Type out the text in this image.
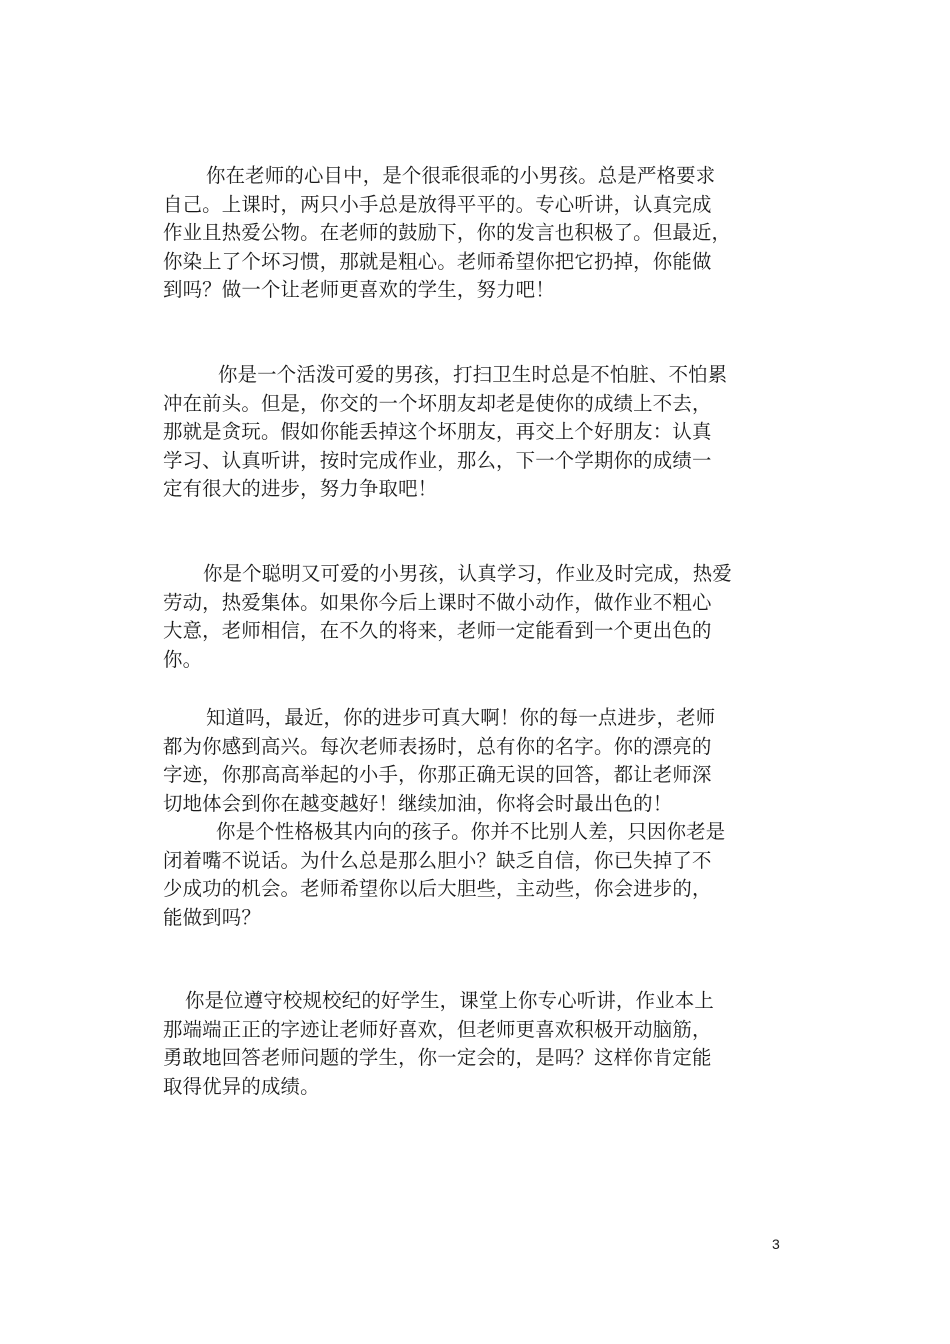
你在老师的心目中，是个很乖很乖的小男孩。总是严格要求
自己。上课时，两只小手总是放得平平的。专心听讲，认真完成
作业且热爱公物。在老师的鼓励下，你的发言也积极了。但最近，
你染上了个坏习惯，那就是粗心。老师希望你把它扔掉，你能做
到吗？做一个让老师更喜欢的学生，努力吧！

你是一个活泼可爱的男孩，打扫卫生时总是不怕脏、不怕累
冲在前头。但是，你交的一个坏朋友却老是使你的成绩上不去，
那就是贪玩。假如你能丢掉这个坏朋友，再交上个好朋友：认真
学习、认真听讲，按时完成作业，那么，下一个学期你的成绩一
定有很大的进步，努力争取吧！

你是个聪明又可爱的小男孩，认真学习，作业及时完成，热爱
劳动，热爱集体。如果你今后上课时不做小动作，做作业不粗心
大意，老师相信，在不久的将来，老师一定能看到一个更出色的
你。

知道吗，最近，你的进步可真大啊！你的每一点进步，老师
都为你感到高兴。每次老师表扬时，总有你的名字。你的漂亮的
字迹，你那高高举起的小手，你那正确无误的回答，都让老师深
切地体会到你在越变越好！继续加油，你将会时最出色的！

你是个性格极其内向的孩子。你并不比别人差，只因你老是
闭着嘴不说话。为什么总是那么胆小？缺乏自信，你已失掉了不
少成功的机会。老师希望你以后大胆些，主动些，你会进步的，
能做到吗？

你是位遵守校规校纪的好学生，课堂上你专心听讲，作业本上
那端端正正的字迹让老师好喜欢，但老师更喜欢积极开动脑筋，
勇敢地回答老师问题的学生，你一定会的，是吗？这样你肯定能
取得优异的成绩。

3
